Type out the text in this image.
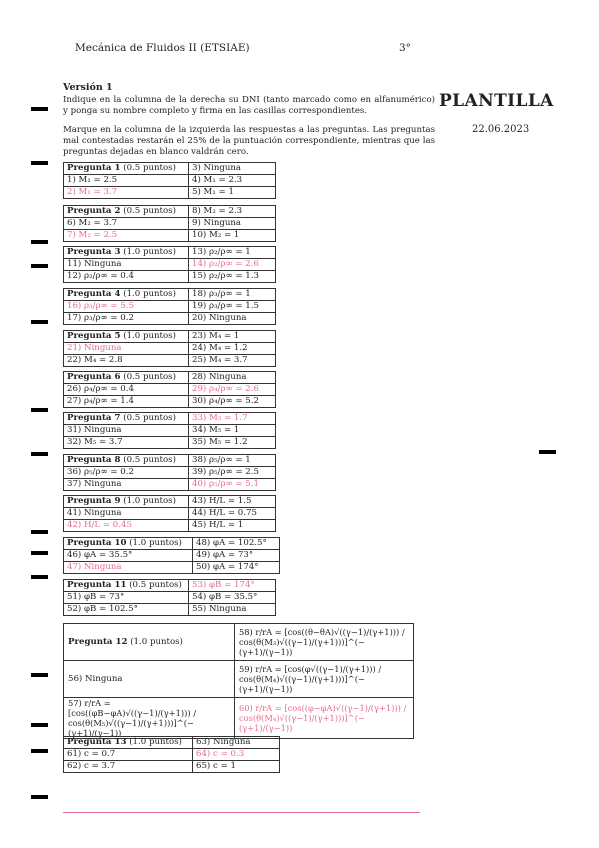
Mecánica de Fluidos II (ETSIAE)	3°
Versión 1
Indique en la columna de la derecha su DNI (tanto marcado como en alfanumérico) y ponga su nombre completo y firma en las casillas correspondientes.
Marque en la columna de la izquierda las respuestas a las preguntas. Las preguntas mal contestadas restarán el 25% de la puntuación correspondiente, mientras que las preguntas dejadas en blanco valdrán cero.
PLANTILLA
22.06.2023
Pregunta 1 (0.5 puntos)	3) Ninguna
1) M₁ = 2.5	4) M₁ = 2.3
2) M₁ = 3.7	5) M₁ = 1
Pregunta 2 (0.5 puntos)	8) M₂ = 2.3
6) M₂ = 3.7	9) Ninguna
7) M₂ = 2.5	10) M₂ = 1
Pregunta 3 (1.0 puntos)	13) ρ₂/ρ∞ = 1
11) Ninguna	14) ρ₂/ρ∞ = 2.6
12) ρ₂/ρ∞ = 0.4	15) ρ₂/ρ∞ = 1.3
Pregunta 4 (1.0 puntos)	18) ρ₃/ρ∞ = 1
16) ρ₃/ρ∞ = 5.5	19) ρ₃/ρ∞ = 1.5
17) ρ₃/ρ∞ = 0.2	20) Ninguna
Pregunta 5 (1.0 puntos)	23) M₄ = 1
21) Ninguna	24) M₄ = 1.2
22) M₄ = 2.8	25) M₄ = 3.7
Pregunta 6 (0.5 puntos)	28) Ninguna
26) ρ₄/ρ∞ = 0.4	29) ρ₄/ρ∞ = 2.6
27) ρ₄/ρ∞ = 1.4	30) ρ₄/ρ∞ = 5.2
Pregunta 7 (0.5 puntos)	33) M₅ = 1.7
31) Ninguna	34) M₅ = 1
32) M₅ = 3.7	35) M₅ = 1.2
Pregunta 8 (0.5 puntos)	38) ρ₅/ρ∞ = 1
36) ρ₅/ρ∞ = 0.2	39) ρ₅/ρ∞ = 2.5
37) Ninguna	40) ρ₅/ρ∞ = 5.1
Pregunta 9 (1.0 puntos)	43) H/L = 1.5
41) Ninguna	44) H/L = 0.75
42) H/L = 0.45	45) H/L = 1
Pregunta 10 (1.0 puntos)	48) φA = 102.5°
46) φA = 35.5°	49) φA = 73°
47) Ninguna	50) φA = 174°
Pregunta 11 (0.5 puntos)	53) φB = 174°
51) φB = 73°	54) φB = 35.5°
52) φB = 102.5°	55) Ninguna
Pregunta 12 (1.0 puntos)	58) r/rA = [cos((θ−θA)√((γ−1)/(γ+1))) / cos(θ(M₃)√((γ−1)/(γ+1)))]^(−(γ+1)/(γ−1))
56) Ninguna	59) r/rA = [cos(φ√((γ−1)/(γ+1))) / cos(θ(M₄)√((γ−1)/(γ+1)))]^(−(γ+1)/(γ−1))
57) r/rA = [cos((φB−φA)√((γ−1)/(γ+1))) / cos(θ(M₅)√((γ−1)/(γ+1)))]^(−(γ+1)/(γ−1))	60) r/rA = [cos((φ−φA)√((γ−1)/(γ+1))) / cos(θ(M₄)√((γ−1)/(γ+1)))]^(−(γ+1)/(γ−1))
Pregunta 13 (1.0 puntos)	63) Ninguna
61) c = 0.7	64) c = 0.3
62) c = 3.7	65) c = 1
